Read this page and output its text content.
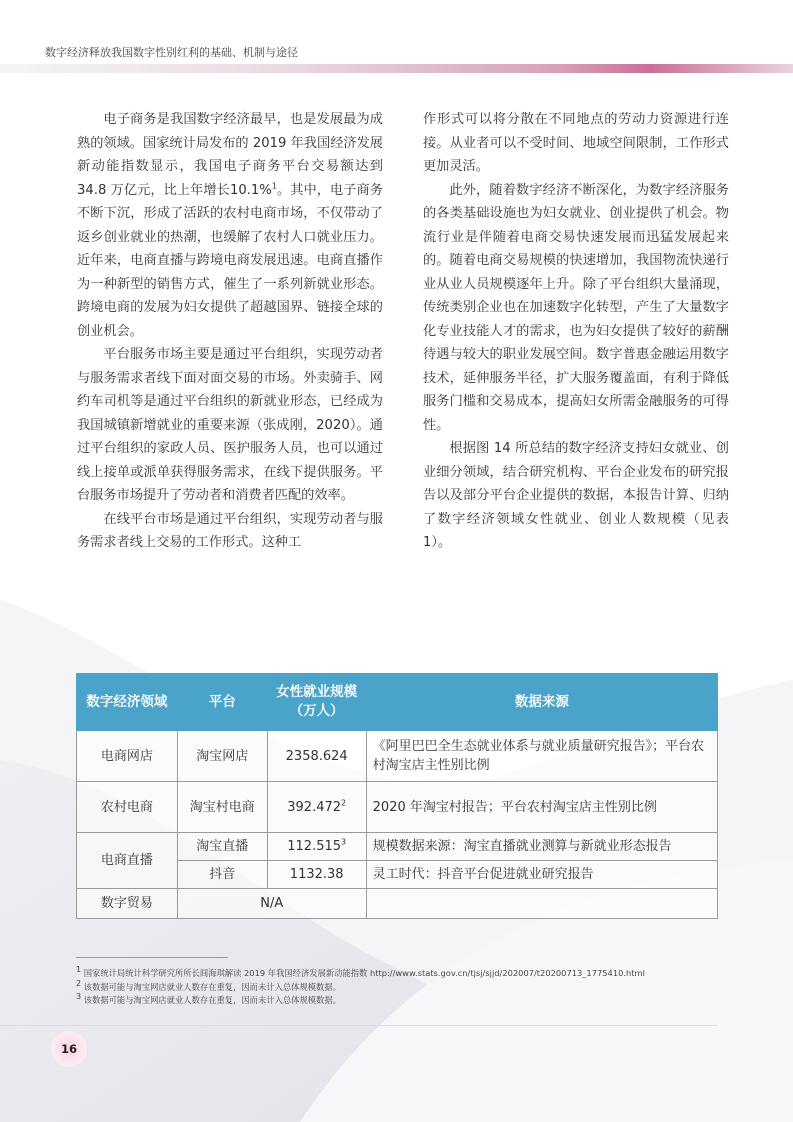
数字经济释放我国数字性别红利的基础、机制与途径

电子商务是我国数字经济最早，也是发展最为成熟的领域。国家统计局发布的 2019 年我国经济发展新动能指数显示，我国电子商务平台交易额达到 34.8 万亿元，比上年增长10.1%$^1$。其中，电子商务不断下沉，形成了活跃的农村电商市场，不仅带动了返乡创业就业的热潮，也缓解了农村人口就业压力。近年来，电商直播与跨境电商发展迅速。电商直播作为一种新型的销售方式，催生了一系列新就业形态。跨境电商的发展为妇女提供了超越国界、链接全球的创业机会。

平台服务市场主要是通过平台组织，实现劳动者与服务需求者线下面对面交易的市场。外卖骑手、网约车司机等是通过平台组织的新就业形态，已经成为我国城镇新增就业的重要来源（张成刚，2020）。通过平台组织的家政人员、医护服务人员，也可以通过线上接单或派单获得服务需求，在线下提供服务。平台服务市场提升了劳动者和消费者匹配的效率。

在线平台市场是通过平台组织，实现劳动者与服务需求者线上交易的工作形式。这种工

作形式可以将分散在不同地点的劳动力资源进行连接。从业者可以不受时间、地域空间限制，工作形式更加灵活。

此外，随着数字经济不断深化，为数字经济服务的各类基础设施也为妇女就业、创业提供了机会。物流行业是伴随着电商交易快速发展而迅猛发展起来的。随着电商交易规模的快速增加，我国物流快递行业从业人员规模逐年上升。除了平台组织大量涌现，传统类别企业也在加速数字化转型，产生了大量数字化专业技能人才的需求，也为妇女提供了较好的薪酬待遇与较大的职业发展空间。数字普惠金融运用数字技术，延伸服务半径，扩大服务覆盖面，有利于降低服务门槛和交易成本，提高妇女所需金融服务的可得性。

根据图 14 所总结的数字经济支持妇女就业、创业细分领域，结合研究机构、平台企业发布的研究报告以及部分平台企业提供的数据，本报告计算、归纳了数字经济领域女性就业、创业人数规模（见表 1）。

数字经济领域	平台	女性就业规模
（万人）	数据来源
电商网店	淘宝网店	2358.624	《阿里巴巴全生态就业体系与就业质量研究报告》；平台农村淘宝店主性别比例
农村电商	淘宝村电商	392.472$^2$	2020 年淘宝村报告；平台农村淘宝店主性别比例
电商直播	淘宝直播	112.515$^3$	规模数据来源：淘宝直播就业测算与新就业形态报告
	抖音	1132.38	灵工时代：抖音平台促进就业研究报告
数字贸易	N/A		
$^1$ 国家统计局统计科学研究所所长闾海琪解读 2019 年我国经济发展新动能指数 http://www.stats.gov.cn/tjsj/sjjd/202007/t20200713_1775410.html
$^2$ 该数据可能与淘宝网店就业人数存在重复，因而未计入总体规模数据。
$^3$ 该数据可能与淘宝网店就业人数存在重复，因而未计入总体规模数据。
16
